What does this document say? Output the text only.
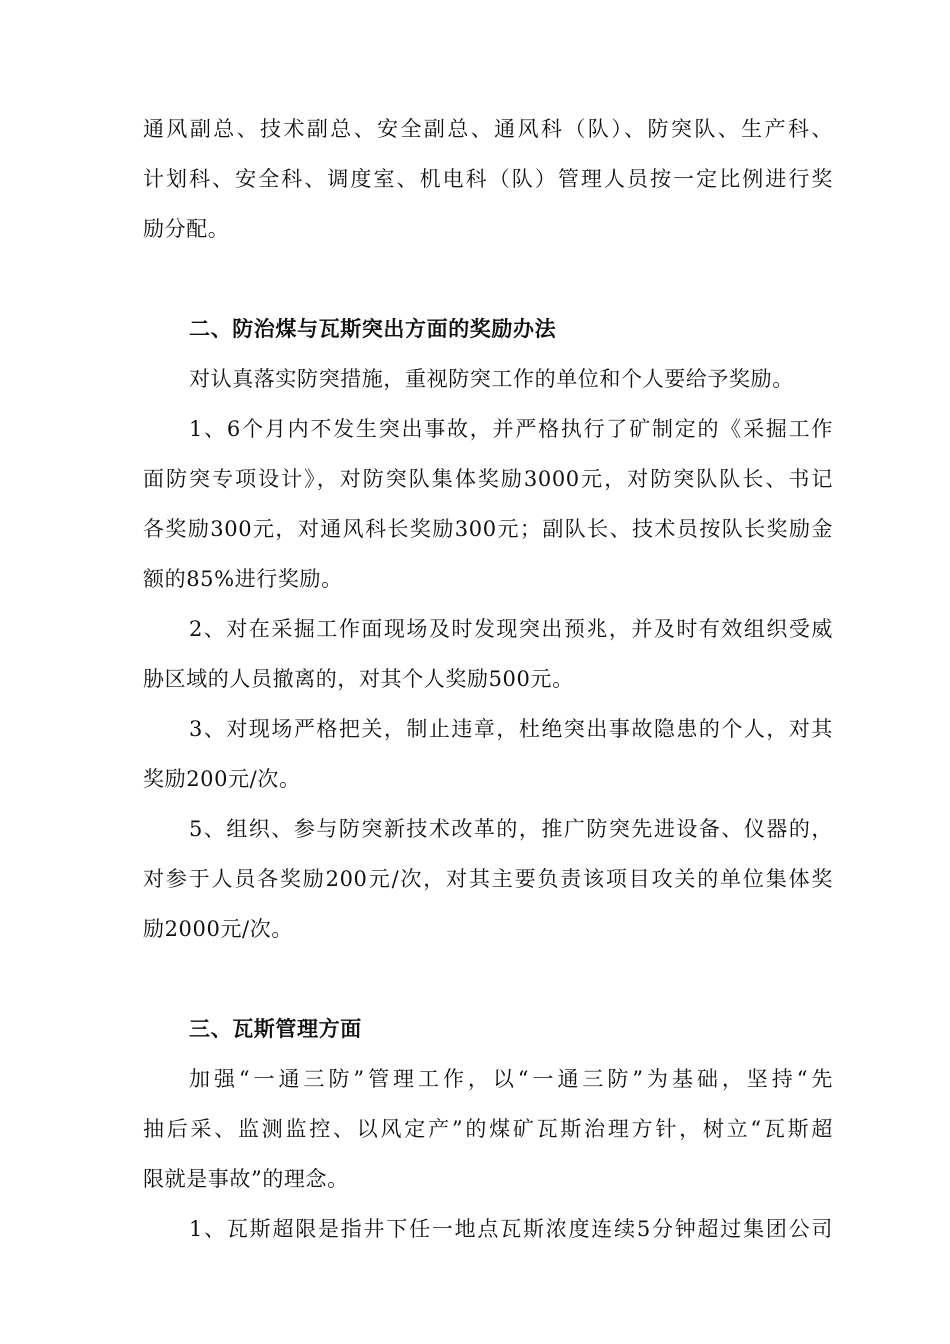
通风副总、技术副总、安全副总、通风科（队）、防突队、生产科、
计划科、安全科、调度室、机电科（队）管理人员按一定比例进行奖
励分配。
二、防治煤与瓦斯突出方面的奖励办法
对认真落实防突措施，重视防突工作的单位和个人要给予奖励。
1、6个月内不发生突出事故，并严格执行了矿制定的《采掘工作
面防突专项设计》，对防突队集体奖励3000元，对防突队队长、书记
各奖励300元，对通风科长奖励300元；副队长、技术员按队长奖励金
额的85%进行奖励。
2、对在采掘工作面现场及时发现突出预兆，并及时有效组织受威
胁区域的人员撤离的，对其个人奖励500元。
3、对现场严格把关，制止违章，杜绝突出事故隐患的个人，对其
奖励200元/次。
5、组织、参与防突新技术改革的，推广防突先进设备、仪器的，
对参于人员各奖励200元/次，对其主要负责该项目攻关的单位集体奖
励2000元/次。
三、瓦斯管理方面
加强“一通三防”管理工作，以“一通三防”为基础，坚持“先
抽后采、监测监控、以风定产”的煤矿瓦斯治理方针，树立“瓦斯超
限就是事故”的理念。
1、瓦斯超限是指井下任一地点瓦斯浓度连续5分钟超过集团公司
